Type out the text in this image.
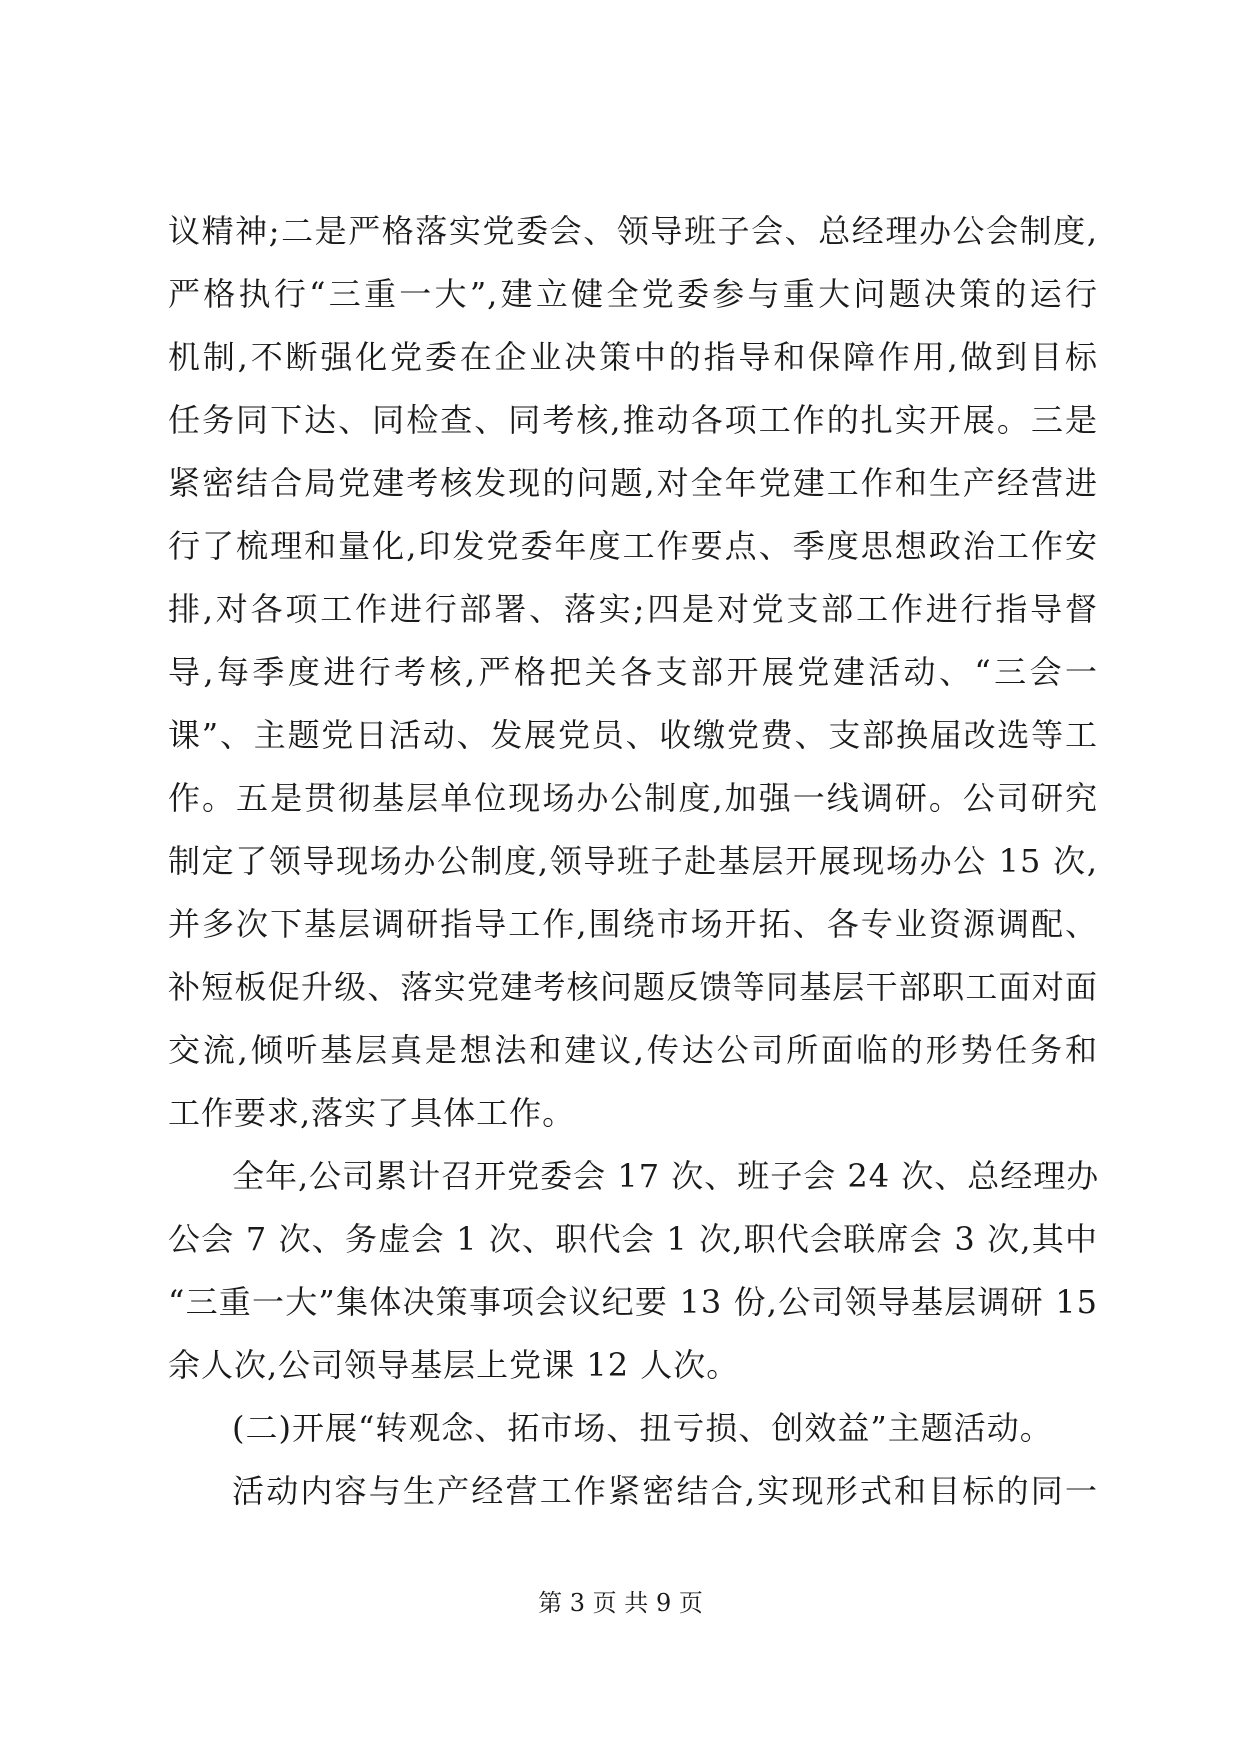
议精神;二是严格落实党委会、领导班子会、总经理办公会制度,
严格执行“三重一大”,建立健全党委参与重大问题决策的运行
机制,不断强化党委在企业决策中的指导和保障作用,做到目标
任务同下达、同检查、同考核,推动各项工作的扎实开展。三是
紧密结合局党建考核发现的问题,对全年党建工作和生产经营进
行了梳理和量化,印发党委年度工作要点、季度思想政治工作安
排,对各项工作进行部署、落实;四是对党支部工作进行指导督
导,每季度进行考核,严格把关各支部开展党建活动、“三会一
课”、主题党日活动、发展党员、收缴党费、支部换届改选等工
作。五是贯彻基层单位现场办公制度,加强一线调研。公司研究
制定了领导现场办公制度,领导班子赴基层开展现场办公 15 次,
并多次下基层调研指导工作,围绕市场开拓、各专业资源调配、
补短板促升级、落实党建考核问题反馈等同基层干部职工面对面
交流,倾听基层真是想法和建议,传达公司所面临的形势任务和
工作要求,落实了具体工作。
全年,公司累计召开党委会 17 次、班子会 24 次、总经理办
公会 7 次、务虚会 1 次、职代会 1 次,职代会联席会 3 次,其中
“三重一大”集体决策事项会议纪要 13 份,公司领导基层调研 15
余人次,公司领导基层上党课 12 人次。
(二)开展“转观念、拓市场、扭亏损、创效益”主题活动。
活动内容与生产经营工作紧密结合,实现形式和目标的同一
第 3 页 共 9 页
